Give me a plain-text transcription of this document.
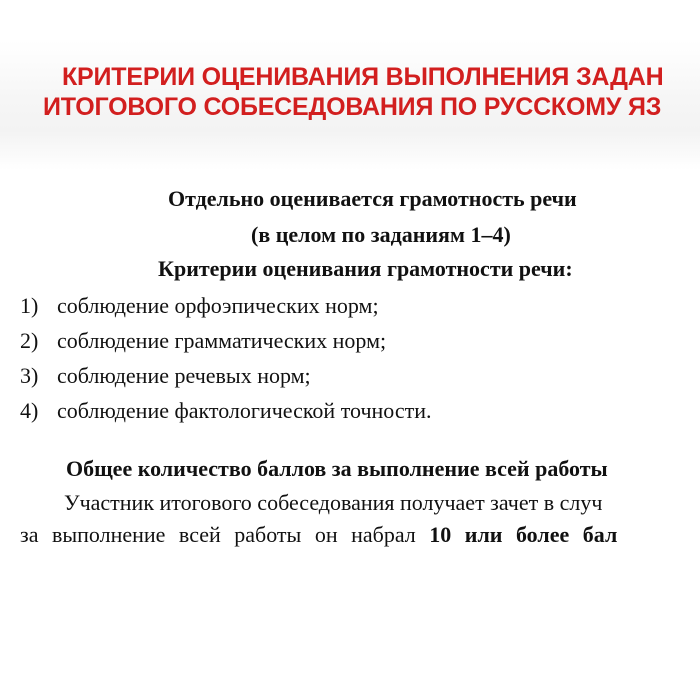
КРИТЕРИИ ОЦЕНИВАНИЯ ВЫПОЛНЕНИЯ ЗАДАН
ИТОГОВОГО СОБЕСЕДОВАНИЯ ПО РУССКОМУ ЯЗ

Отдельно оценивается грамотность речи

(в целом по заданиям 1–4)

Критерии оценивания грамотности речи:

1) соблюдение орфоэпических норм;
2) соблюдение грамматических норм;
3) соблюдение речевых норм;
4) соблюдение фактологической точности.

Общее количество баллов за выполнение всей работы

Участник итогового собеседования получает зачет в случ

за выполнение всей работы он набрал 10 или более бал
